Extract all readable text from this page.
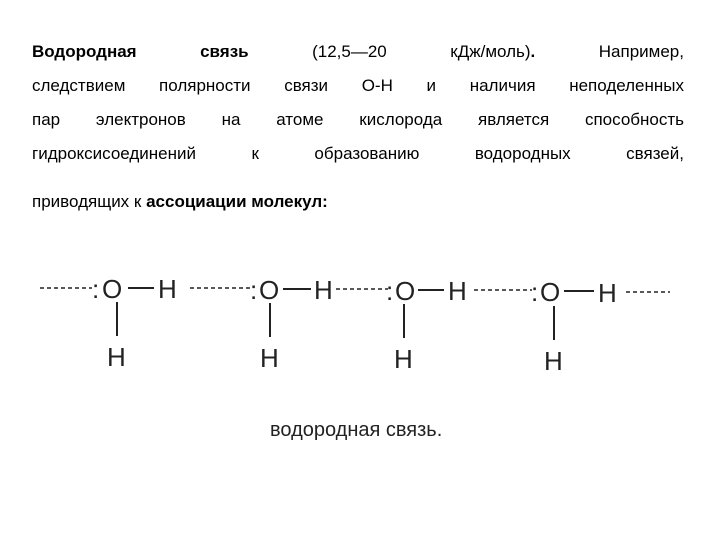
Водородная связь	(12,5—20 кДж/моль).	Например,
следствием полярности связи О-Н и наличия неподеленных
пар электронов на атоме кислорода является способность
гидроксисоединений к образованию водородных связей,
приводящих к ассоциации молекул:
: O H
H
: O H
H
: O H
H
: O H
H
водородная связь.
